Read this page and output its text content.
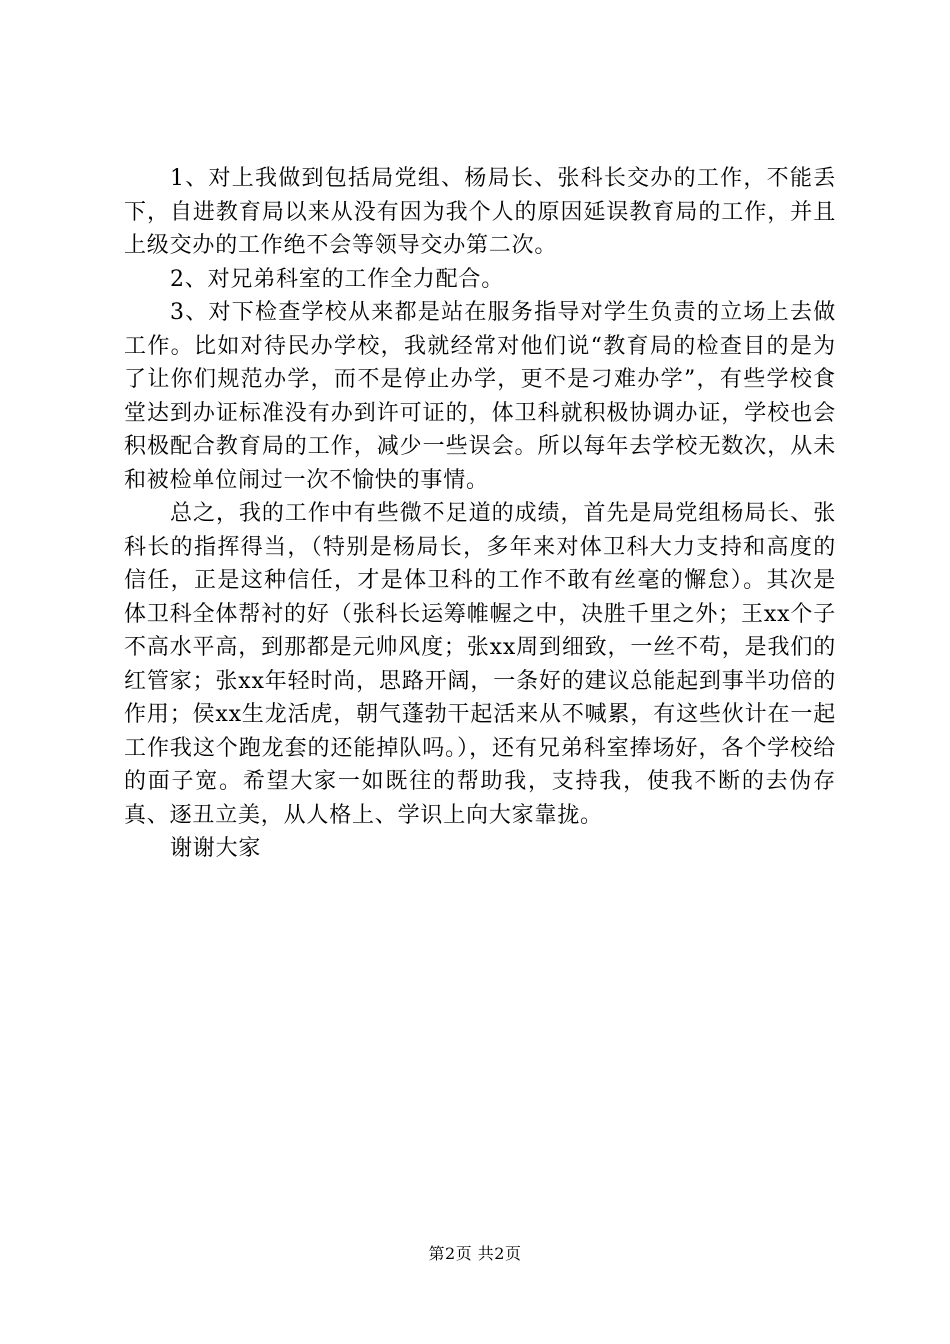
1、对上我做到包括局党组、杨局长、张科长交办的工作，不能丢下，自进教育局以来从没有因为我个人的原因延误教育局的工作，并且上级交办的工作绝不会等领导交办第二次。

2、对兄弟科室的工作全力配合。

3、对下检查学校从来都是站在服务指导对学生负责的立场上去做工作。比如对待民办学校，我就经常对他们说“教育局的检查目的是为了让你们规范办学，而不是停止办学，更不是刁难办学”，有些学校食堂达到办证标准没有办到许可证的，体卫科就积极协调办证，学校也会积极配合教育局的工作，减少一些误会。所以每年去学校无数次，从未和被检单位闹过一次不愉快的事情。

总之，我的工作中有些微不足道的成绩，首先是局党组杨局长、张科长的指挥得当，（特别是杨局长，多年来对体卫科大力支持和高度的信任，正是这种信任，才是体卫科的工作不敢有丝毫的懈怠）。其次是体卫科全体帮衬的好（张科长运筹帷幄之中，决胜千里之外；王xx个子不高水平高，到那都是元帅风度；张xx周到细致，一丝不苟，是我们的红管家；张xx年轻时尚，思路开阔，一条好的建议总能起到事半功倍的作用；侯xx生龙活虎，朝气蓬勃干起活来从不喊累，有这些伙计在一起工作我这个跑龙套的还能掉队吗。），还有兄弟科室捧场好，各个学校给的面子宽。希望大家一如既往的帮助我，支持我，使我不断的去伪存真、逐丑立美，从人格上、学识上向大家靠拢。

谢谢大家

第2页 共2页
